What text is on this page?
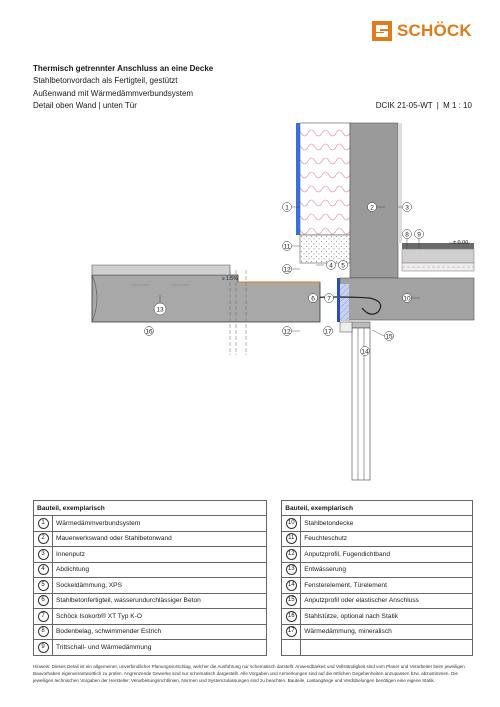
SCHÖCK
Thermisch getrennter Anschluss an eine Decke
Stahlbetonvordach als Fertigteil, gestützt
Außenwand mit Wärmedämmverbundsystem
Detail oben Wand | unten Tür	DCIK 21-05-WT | M 1 : 10
1	2	3
4 5
6 7
8 9
10
11
12
13
14
15
16	17
12
± 0.00
≥ 1.5%
Bauteil, exemplarisch			Bauteil, exemplarisch	
1	Wärmedämmverbundsystem		10	Stahlbetondecke
2	Mauerwerkswand oder Stahlbetonwand		11	Feuchteschutz
3	Innenputz		12	Anputzprofil, Fugendichtband
4	Abdichtung		13	Entwässerung
5	Sockeldämmung, XPS		14	Fensterelement, Türelement
6	Stahlbetonfertigteil, wasserundurchlässiger Beton		15	Anputzprofil oder elastischer Anschluss
7	Schöck Isokorb® XT Typ K-O		16	Stahlstütze, optional nach Statik
8	Bodenbelag, schwimmender Estrich		17	Wärmedämmung, mineralisch
9	Trittschall- und Wärmedämmung			
Hinweis: Dieses Detail ist ein allgemeiner, unverbindlicher Planungsvorschlag, welcher die Ausführung nur schematisch darstellt. Anwendbarkeit und Vollständigkeit sind vom Planer und Verarbeiter beim jeweiligen Bauvorhaben eigenverantwortlich zu prüfen. Angrenzende Gewerke sind nur schematisch dargestellt. Alle Vorgaben und Anmerkungen sind auf die örtlichen Gegebenheiten anzupassen bzw. abzustimmen. Die jeweiligen technischen Vorgaben der Hersteller, Verarbeitungsrichtlinien, Normen und Systemzulassungen sind zu beachten. Bauteile, Lastangänge und Verdübelungen benötigen eine eigene Statik.
